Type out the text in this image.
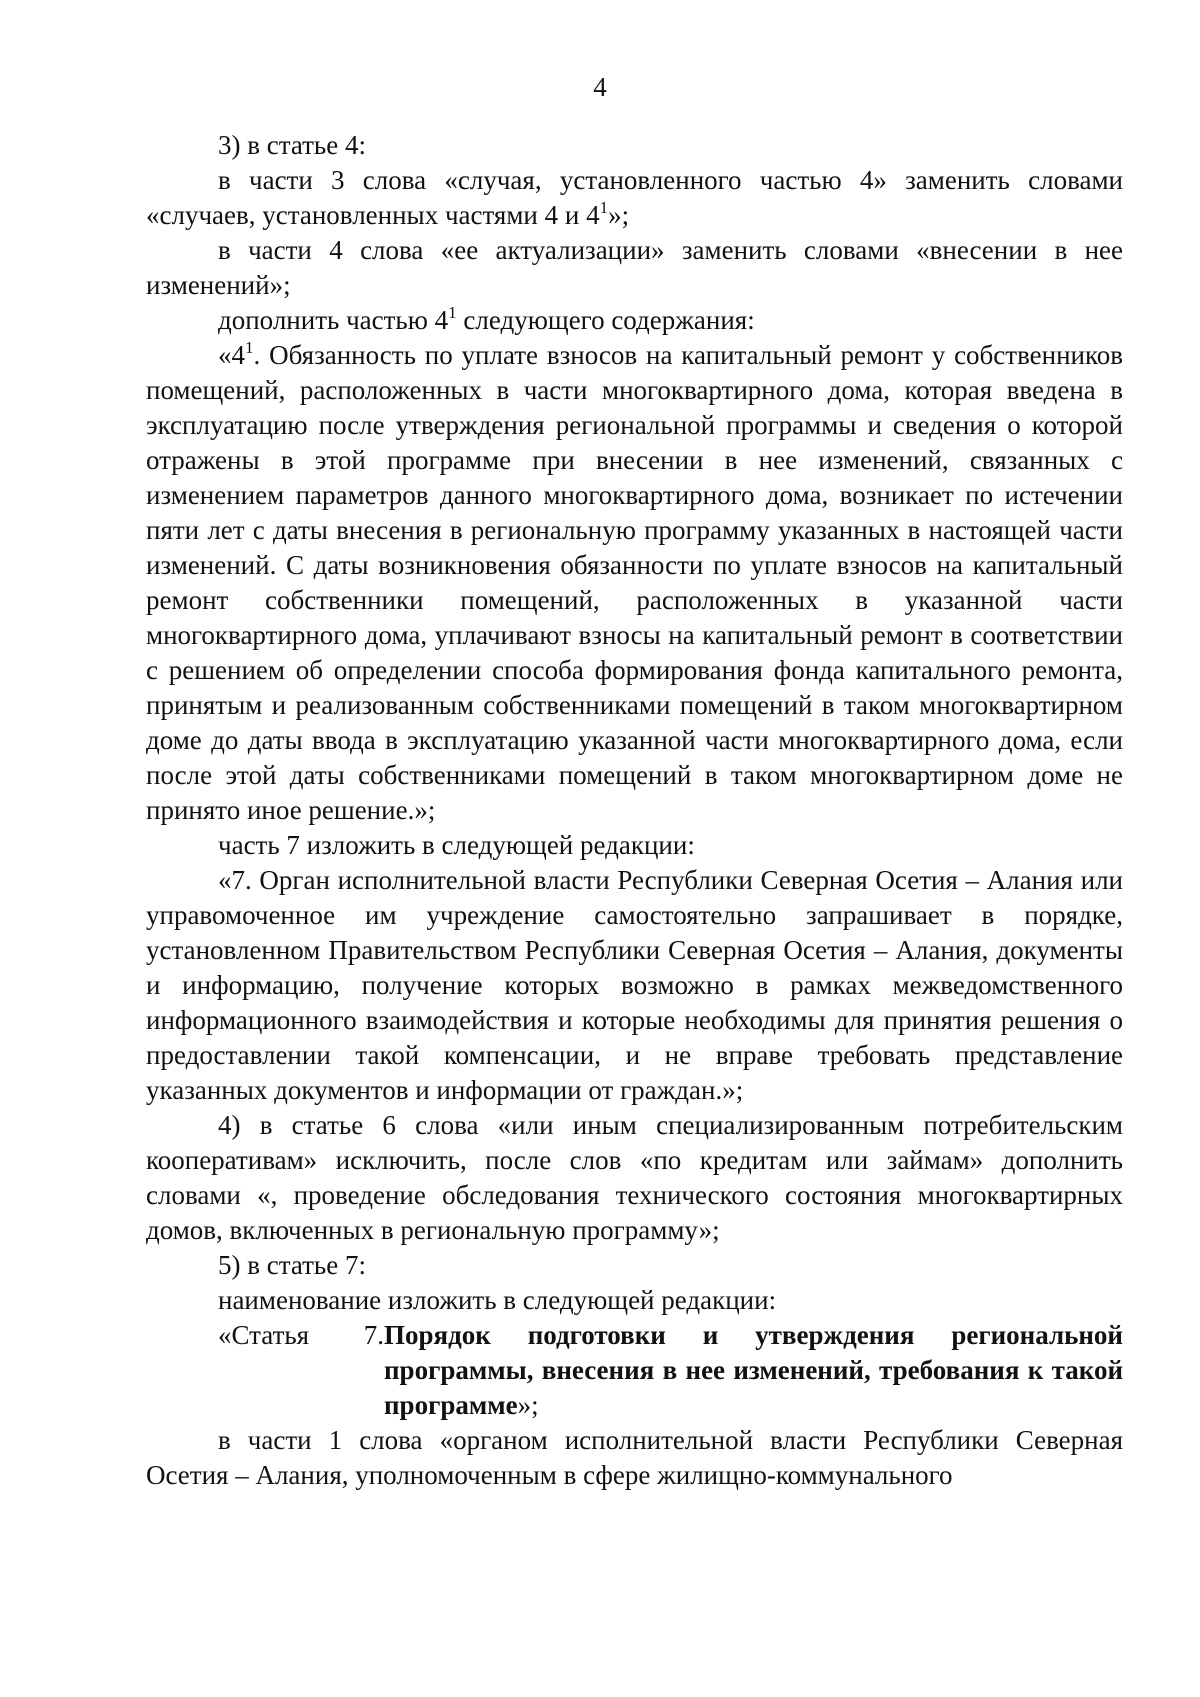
4

3) в статье 4:

в части 3 слова «случая, установленного частью 4» заменить словами «случаев, установленных частями 4 и $4^1$»;

в части 4 слова «ее актуализации» заменить словами «внесении в нее изменений»;

дополнить частью $4^1$ следующего содержания:

«$4^1$. Обязанность по уплате взносов на капитальный ремонт у собственников помещений, расположенных в части многоквартирного дома, которая введена в эксплуатацию после утверждения региональной программы и сведения о которой отражены в этой программе при внесении в нее изменений, связанных с изменением параметров данного многоквартирного дома, возникает по истечении пяти лет с даты внесения в региональную программу указанных в настоящей части изменений. С даты возникновения обязанности по уплате взносов на капитальный ремонт собственники помещений, расположенных в указанной части многоквартирного дома, уплачивают взносы на капитальный ремонт в соответствии с решением об определении способа формирования фонда капитального ремонта, принятым и реализованным собственниками помещений в таком многоквартирном доме до даты ввода в эксплуатацию указанной части многоквартирного дома, если после этой даты собственниками помещений в таком многоквартирном доме не принято иное решение.»;

часть 7 изложить в следующей редакции:

«7. Орган исполнительной власти Республики Северная Осетия – Алания или управомоченное им учреждение самостоятельно запрашивает в порядке, установленном Правительством Республики Северная Осетия – Алания, документы и информацию, получение которых возможно в рамках межведомственного информационного взаимодействия и которые необходимы для принятия решения о предоставлении такой компенсации, и не вправе требовать представление указанных документов и информации от граждан.»;

4) в статье 6 слова «или иным специализированным потребительским кооперативам» исключить, после слов «по кредитам или займам» дополнить словами «, проведение обследования технического состояния многоквартирных домов, включенных в региональную программу»;

5) в статье 7:

наименование изложить в следующей редакции:

«Статья 7. Порядок подготовки и утверждения региональной программы, внесения в нее изменений, требования к такой программе»;

в части 1 слова «органом исполнительной власти Республики Северная Осетия – Алания, уполномоченным в сфере жилищно-коммунального
